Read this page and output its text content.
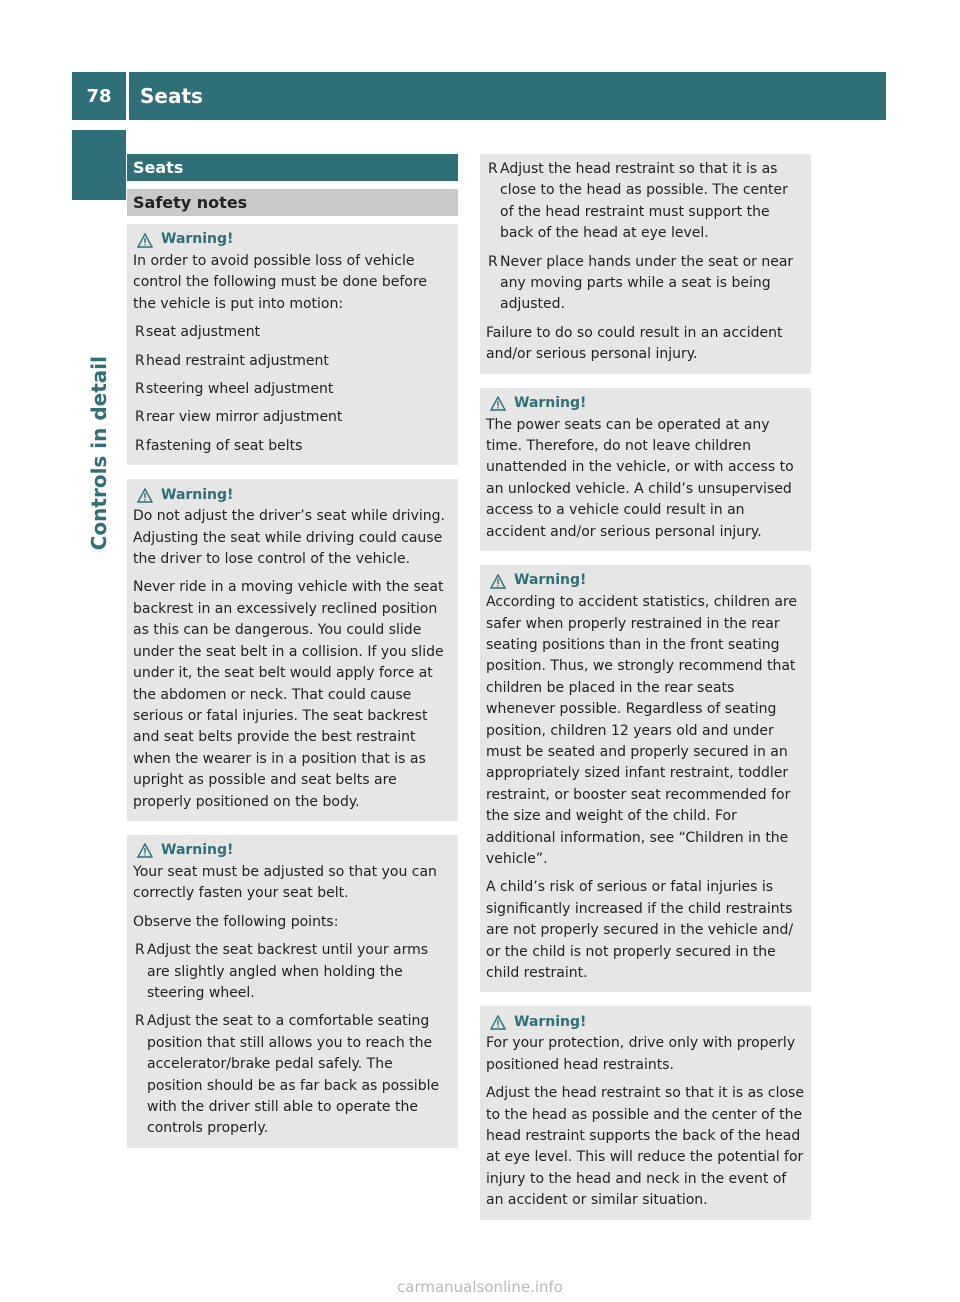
78	Seats
Controls in detail
Seats
Safety notes
Warning!
In order to avoid possible loss of vehicle control the following must be done before the vehicle is put into motion:
R seat adjustment
R head restraint adjustment
R steering wheel adjustment
R rear view mirror adjustment
R fastening of seat belts
Warning!
Do not adjust the driver’s seat while driving. Adjusting the seat while driving could cause the driver to lose control of the vehicle.
Never ride in a moving vehicle with the seat backrest in an excessively reclined position as this can be dangerous. You could slide under the seat belt in a collision. If you slide under it, the seat belt would apply force at the abdomen or neck. That could cause serious or fatal injuries. The seat backrest and seat belts provide the best restraint when the wearer is in a position that is as upright as possible and seat belts are properly positioned on the body.
Warning!
Your seat must be adjusted so that you can correctly fasten your seat belt.
Observe the following points:
R Adjust the seat backrest until your arms are slightly angled when holding the steering wheel.
R Adjust the seat to a comfortable seating position that still allows you to reach the accelerator/brake pedal safely. The position should be as far back as possible with the driver still able to operate the controls properly.
R Adjust the head restraint so that it is as close to the head as possible. The center of the head restraint must support the back of the head at eye level.
R Never place hands under the seat or near any moving parts while a seat is being adjusted.
Failure to do so could result in an accident and/or serious personal injury.
Warning!
The power seats can be operated at any time. Therefore, do not leave children unattended in the vehicle, or with access to an unlocked vehicle. A child’s unsupervised access to a vehicle could result in an accident and/or serious personal injury.
Warning!
According to accident statistics, children are safer when properly restrained in the rear seating positions than in the front seating position. Thus, we strongly recommend that children be placed in the rear seats whenever possible. Regardless of seating position, children 12 years old and under must be seated and properly secured in an appropriately sized infant restraint, toddler restraint, or booster seat recommended for the size and weight of the child. For additional information, see “Children in the vehicle”.
A child’s risk of serious or fatal injuries is significantly increased if the child restraints are not properly secured in the vehicle and/ or the child is not properly secured in the child restraint.
Warning!
For your protection, drive only with properly positioned head restraints.
Adjust the head restraint so that it is as close to the head as possible and the center of the head restraint supports the back of the head at eye level. This will reduce the potential for injury to the head and neck in the event of an accident or similar situation.
carmanualsonline.info
